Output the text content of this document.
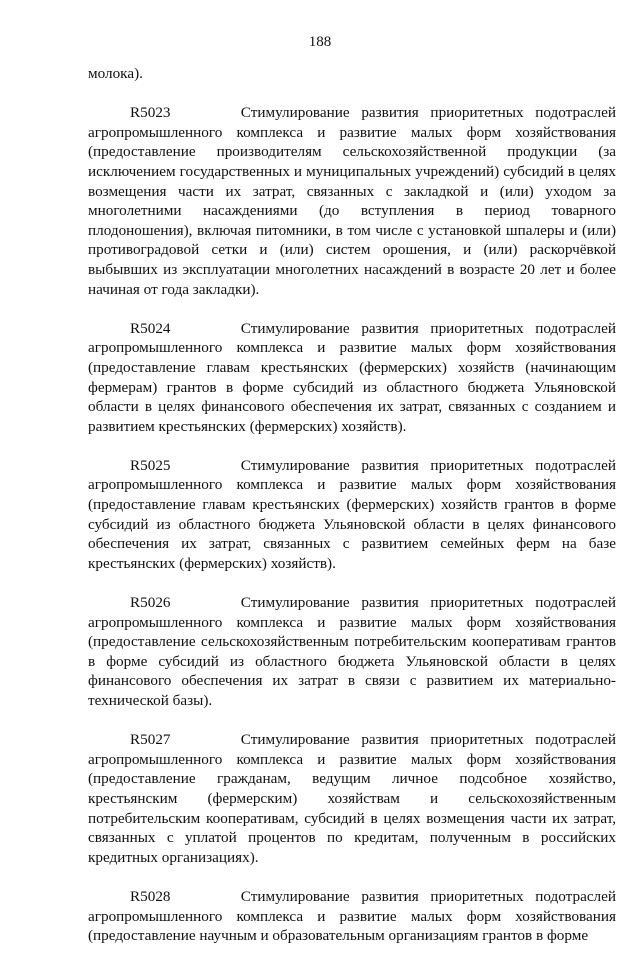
188

молока).

R5023	Стимулирование развития приоритетных подотраслей агропромышленного комплекса и развитие малых форм хозяйствования (предоставление производителям сельскохозяйственной продукции (за исключением государственных и муниципальных учреждений) субсидий в целях возмещения части их затрат, связанных с закладкой и (или) уходом за многолетними насаждениями (до вступления в период товарного плодоношения), включая питомники, в том числе с установкой шпалеры и (или) противоградовой сетки и (или) систем орошения, и (или) раскорчёвкой выбывших из эксплуатации многолетних насаждений в возрасте 20 лет и более начиная от года закладки).

R5024	Стимулирование развития приоритетных подотраслей агропромышленного комплекса и развитие малых форм хозяйствования (предоставление главам крестьянских (фермерских) хозяйств (начинающим фермерам) грантов в форме субсидий из областного бюджета Ульяновской области в целях финансового обеспечения их затрат, связанных с созданием и развитием крестьянских (фермерских) хозяйств).

R5025	Стимулирование развития приоритетных подотраслей агропромышленного комплекса и развитие малых форм хозяйствования (предоставление главам крестьянских (фермерских) хозяйств грантов в форме субсидий из областного бюджета Ульяновской области в целях финансового обеспечения их затрат, связанных с развитием семейных ферм на базе крестьянских (фермерских) хозяйств).

R5026	Стимулирование развития приоритетных подотраслей агропромышленного комплекса и развитие малых форм хозяйствования (предоставление сельскохозяйственным потребительским кооперативам грантов в форме субсидий из областного бюджета Ульяновской области в целях финансового обеспечения их затрат в связи с развитием их материально-технической базы).

R5027	Стимулирование развития приоритетных подотраслей агропромышленного комплекса и развитие малых форм хозяйствования (предоставление гражданам, ведущим личное подсобное хозяйство, крестьянским (фермерским) хозяйствам и сельскохозяйственным потребительским кооперативам, субсидий в целях возмещения части их затрат, связанных с уплатой процентов по кредитам, полученным в российских кредитных организациях).

R5028	Стимулирование развития приоритетных подотраслей агропромышленного комплекса и развитие малых форм хозяйствования (предоставление научным и образовательным организациям грантов в форме
